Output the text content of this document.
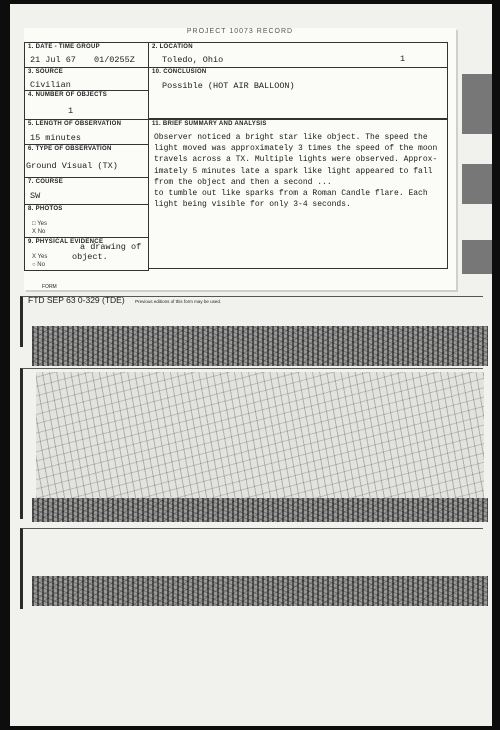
PROJECT 10073 RECORD
1. DATE - TIME GROUP
21 Jul 67 01/0255Z
2. LOCATION
Toledo, Ohio	1
3. SOURCE
Civilian
10. CONCLUSION
Possible (HOT AIR BALLOON)
4. NUMBER OF OBJECTS
1
5. LENGTH OF OBSERVATION
15 minutes
11. BRIEF SUMMARY AND ANALYSIS
Observer noticed a bright star like object. The speed the
light moved was approximately 3 times the speed of the moon
travels across a TX. Multiple lights were observed. Approx-
imately 5 minutes late a spark like light appeared to fall
from the object and then a second ...
to tumble out like sparks from a Roman Candle flare. Each
light being visible for only 3-4 seconds.
6. TYPE OF OBSERVATION
Ground Visual (TX)
7. COURSE
SW
8. PHOTOS
□ Yes
X No
9. PHYSICAL EVIDENCE
a drawing of
X Yes	object.
○ No
FORM
FTD SEP 63 0-329 (TDE) Previous editions of this form may be used.
